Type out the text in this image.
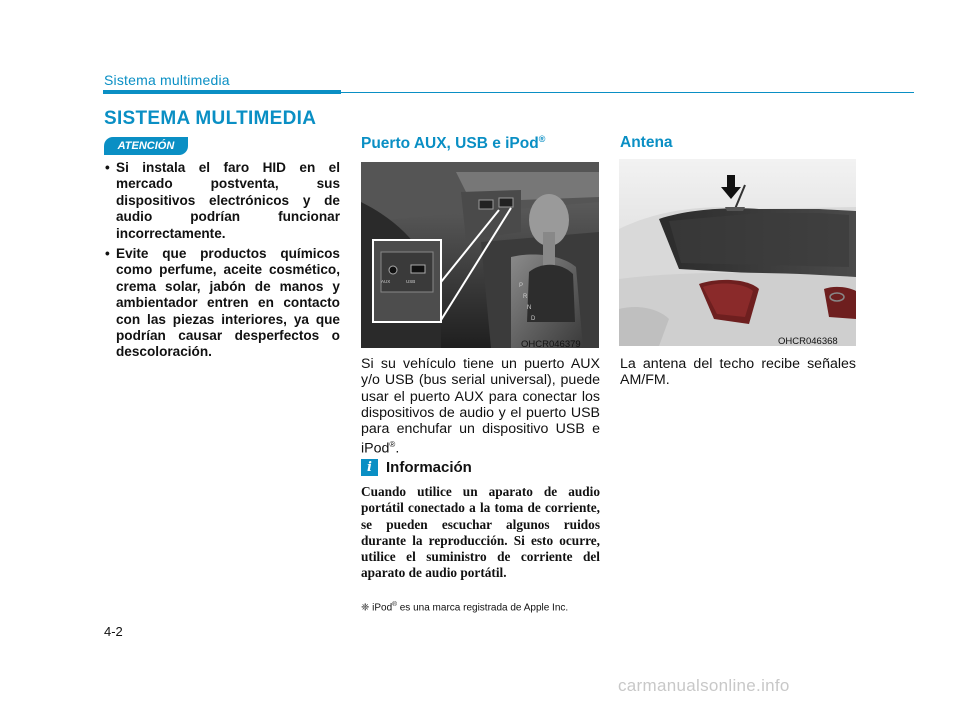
Sistema multimedia
SISTEMA MULTIMEDIA
ATENCIÓN
• Si instala el faro HID en el mercado postventa, sus dispositivos electrónicos y de audio podrían funcionar incorrectamente.
• Evite que productos químicos como perfume, aceite cosmético, crema solar, jabón de manos y ambientador entren en contacto con las piezas interiores, ya que podrían causar desperfectos o descoloración.
Puerto AUX, USB e iPod®
P
R
N
D
AUX	USB
OHCR046379
Si su vehículo tiene un puerto AUX y/o USB (bus serial universal), puede usar el puerto AUX para conectar los dispositivos de audio y el puerto USB para enchufar un dispositivo USB e iPod®.
i Información
Cuando utilice un aparato de audio portátil conectado a la toma de corriente, se pueden escuchar algunos ruidos durante la reproducción. Si esto ocurre, utilice el suministro de corriente del aparato de audio portátil.
❈ iPod® es una marca registrada de Apple Inc.
Antena
OHCR046368
La antena del techo recibe señales AM/FM.
4-2
carmanualsonline.info
